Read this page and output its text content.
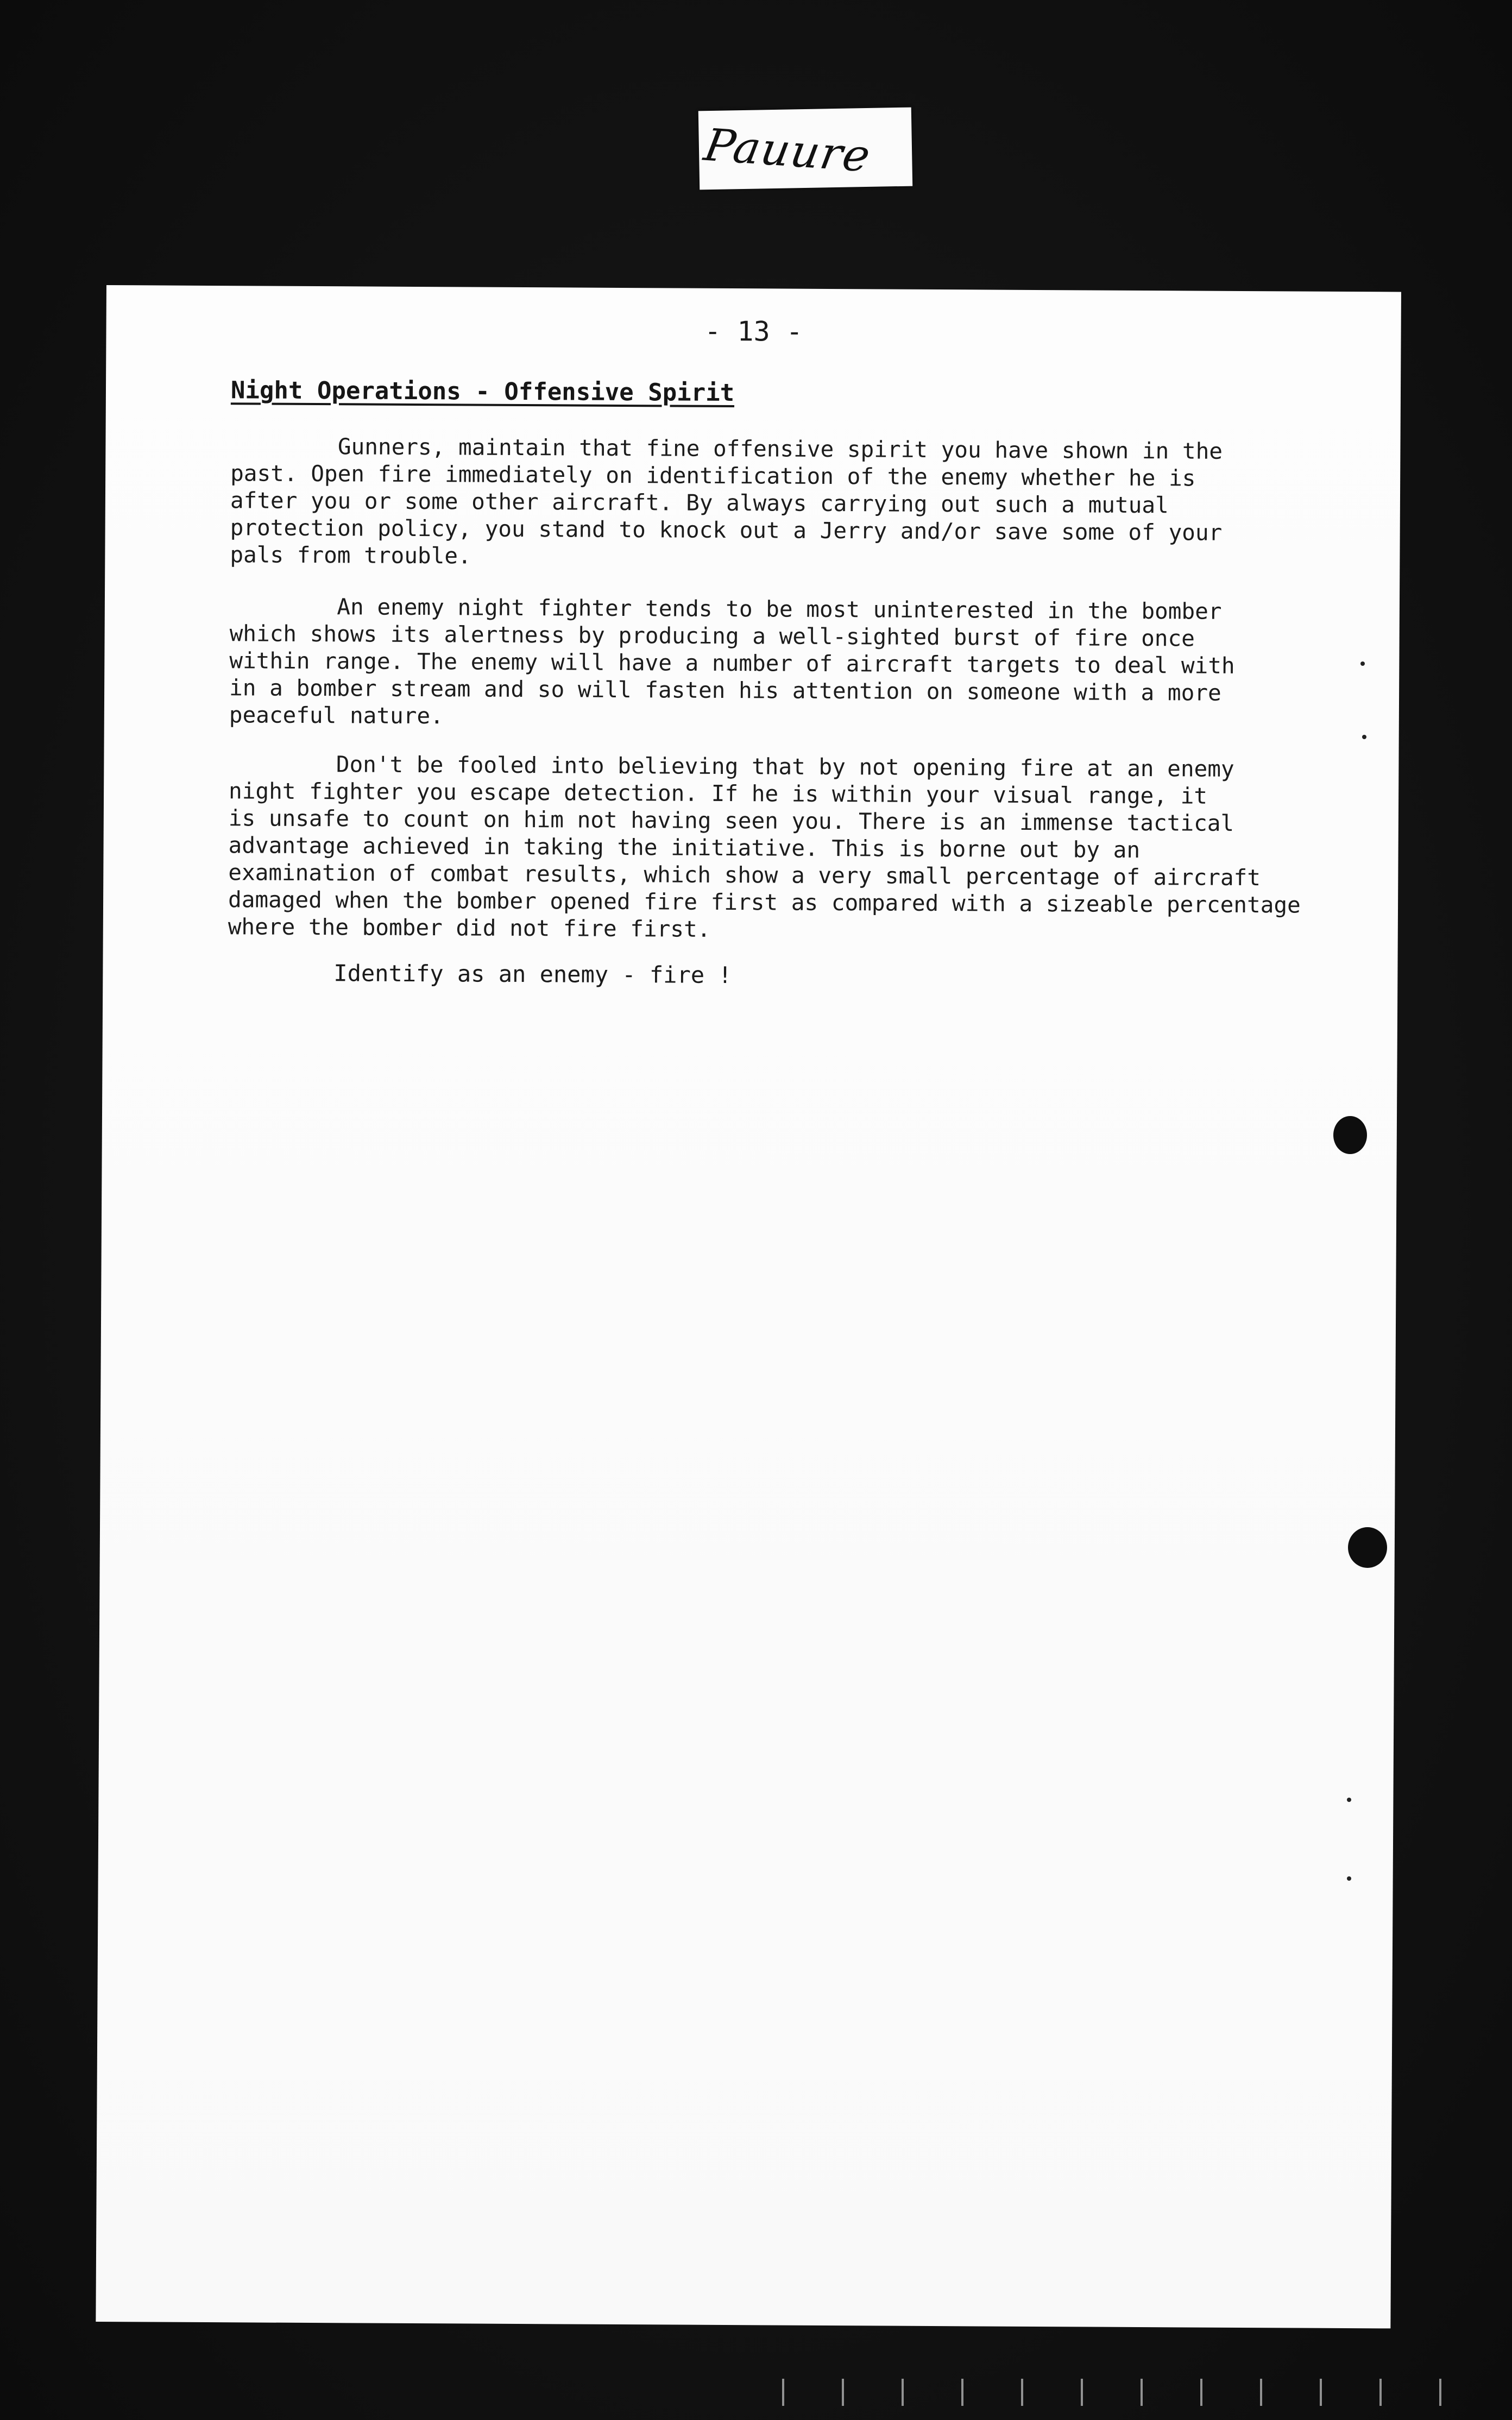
Pauure
- 13 -
Night Operations - Offensive Spirit

Gunners, maintain that fine offensive spirit you have shown in the
past. Open fire immediately on identification of the enemy whether he is
after you or some other aircraft. By always carrying out such a mutual
protection policy, you stand to knock out a Jerry and/or save some of your
pals from trouble.

An enemy night fighter tends to be most uninterested in the bomber
which shows its alertness by producing a well-sighted burst of fire once
within range. The enemy will have a number of aircraft targets to deal with
in a bomber stream and so will fasten his attention on someone with a more
peaceful nature.

Don't be fooled into believing that by not opening fire at an enemy
night fighter you escape detection. If he is within your visual range, it
is unsafe to count on him not having seen you. There is an immense tactical
advantage achieved in taking the initiative. This is borne out by an
examination of combat results, which show a very small percentage of aircraft
damaged when the bomber opened fire first as compared with a sizeable percentage
where the bomber did not fire first.

Identify as an enemy - fire !
